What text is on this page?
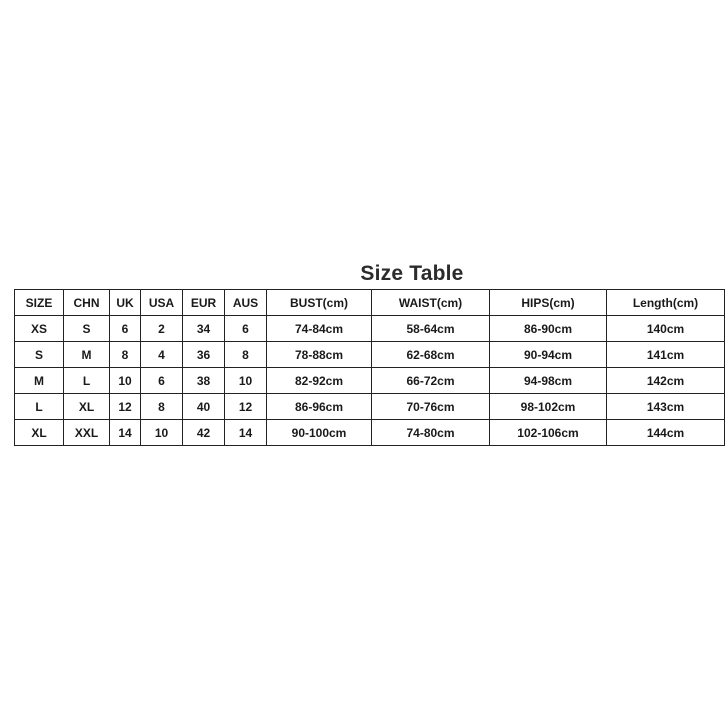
Size Table
SIZE	CHN	UK	USA	EUR	AUS	BUST(cm)	WAIST(cm)	HIPS(cm)	Length(cm)
XS	S	6	2	34	6	74-84cm	58-64cm	86-90cm	140cm
S	M	8	4	36	8	78-88cm	62-68cm	90-94cm	141cm
M	L	10	6	38	10	82-92cm	66-72cm	94-98cm	142cm
L	XL	12	8	40	12	86-96cm	70-76cm	98-102cm	143cm
XL	XXL	14	10	42	14	90-100cm	74-80cm	102-106cm	144cm
